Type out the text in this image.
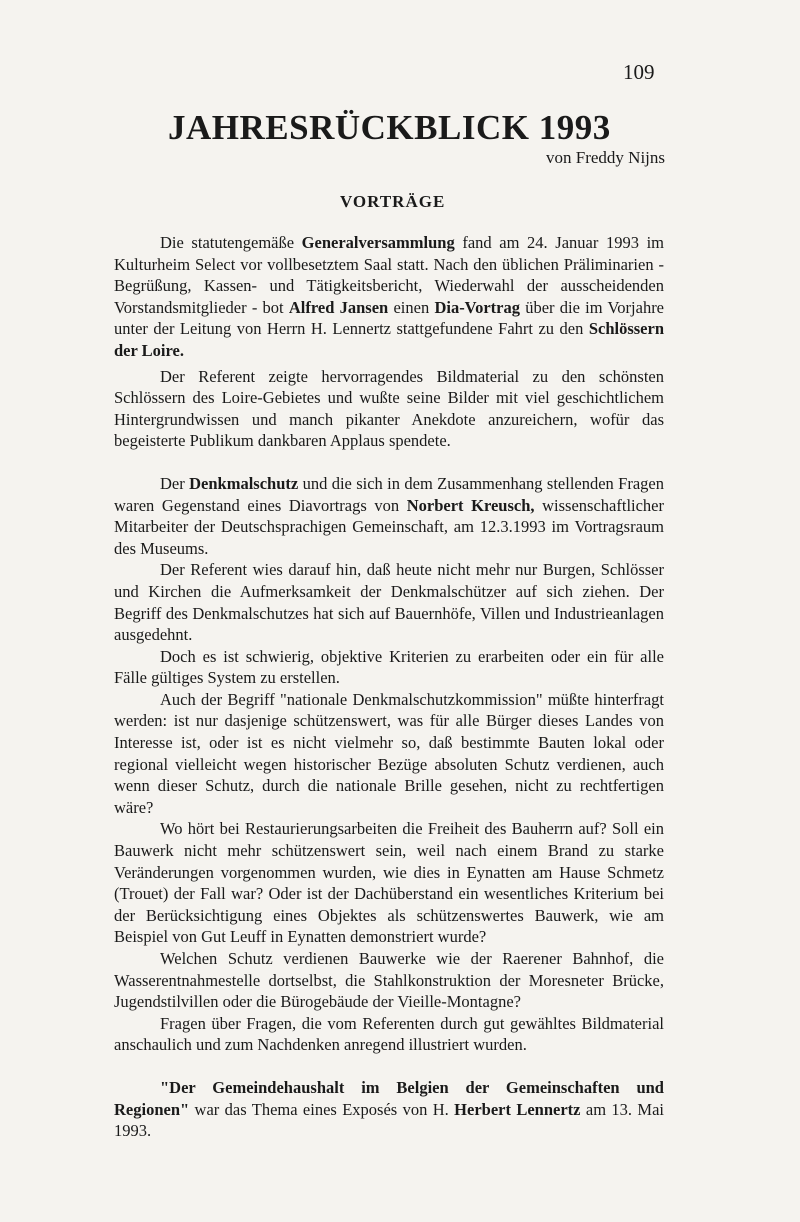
109
JAHRESRÜCKBLICK 1993
von Freddy Nijns
VORTRÄGE

Die statutengemäße Generalversammlung fand am 24. Januar 1993 im Kulturheim Select vor vollbesetztem Saal statt. Nach den üblichen Präliminarien - Begrüßung, Kassen- und Tätigkeitsbericht, Wiederwahl der ausscheidenden Vorstandsmitglieder - bot Alfred Jansen einen Dia-Vortrag über die im Vorjahre unter der Leitung von Herrn H. Lennertz stattgefundene Fahrt zu den Schlössern der Loire.

Der Referent zeigte hervorragendes Bildmaterial zu den schönsten Schlössern des Loire-Gebietes und wußte seine Bilder mit viel geschichtlichem Hintergrundwissen und manch pikanter Anekdote anzureichern, wofür das begeisterte Publikum dankbaren Applaus spendete.

Der Denkmalschutz und die sich in dem Zusammenhang stellenden Fragen waren Gegenstand eines Diavortrags von Norbert Kreusch, wissenschaftlicher Mitarbeiter der Deutschsprachigen Gemeinschaft, am 12.3.1993 im Vortragsraum des Museums.

Der Referent wies darauf hin, daß heute nicht mehr nur Burgen, Schlösser und Kirchen die Aufmerksamkeit der Denkmalschützer auf sich ziehen. Der Begriff des Denkmalschutzes hat sich auf Bauernhöfe, Villen und Industrieanlagen ausgedehnt.

Doch es ist schwierig, objektive Kriterien zu erarbeiten oder ein für alle Fälle gültiges System zu erstellen.

Auch der Begriff "nationale Denkmalschutzkommission" müßte hinterfragt werden: ist nur dasjenige schützenswert, was für alle Bürger dieses Landes von Interesse ist, oder ist es nicht vielmehr so, daß bestimmte Bauten lokal oder regional vielleicht wegen historischer Bezüge absoluten Schutz verdienen, auch wenn dieser Schutz, durch die nationale Brille gesehen, nicht zu rechtfertigen wäre?

Wo hört bei Restaurierungsarbeiten die Freiheit des Bauherrn auf? Soll ein Bauwerk nicht mehr schützenswert sein, weil nach einem Brand zu starke Veränderungen vorgenommen wurden, wie dies in Eynatten am Hause Schmetz (Trouet) der Fall war? Oder ist der Dachüberstand ein wesentliches Kriterium bei der Berücksichtigung eines Objektes als schützenswertes Bauwerk, wie am Beispiel von Gut Leuff in Eynatten demonstriert wurde?

Welchen Schutz verdienen Bauwerke wie der Raerener Bahnhof, die Wasserentnahmestelle dortselbst, die Stahlkonstruktion der Moresneter Brücke, Jugendstilvillen oder die Bürogebäude der Vieille-Montagne?

Fragen über Fragen, die vom Referenten durch gut gewähltes Bildmaterial anschaulich und zum Nachdenken anregend illustriert wurden.

"Der Gemeindehaushalt im Belgien der Gemeinschaften und Regionen" war das Thema eines Exposés von H. Herbert Lennertz am 13. Mai 1993.
